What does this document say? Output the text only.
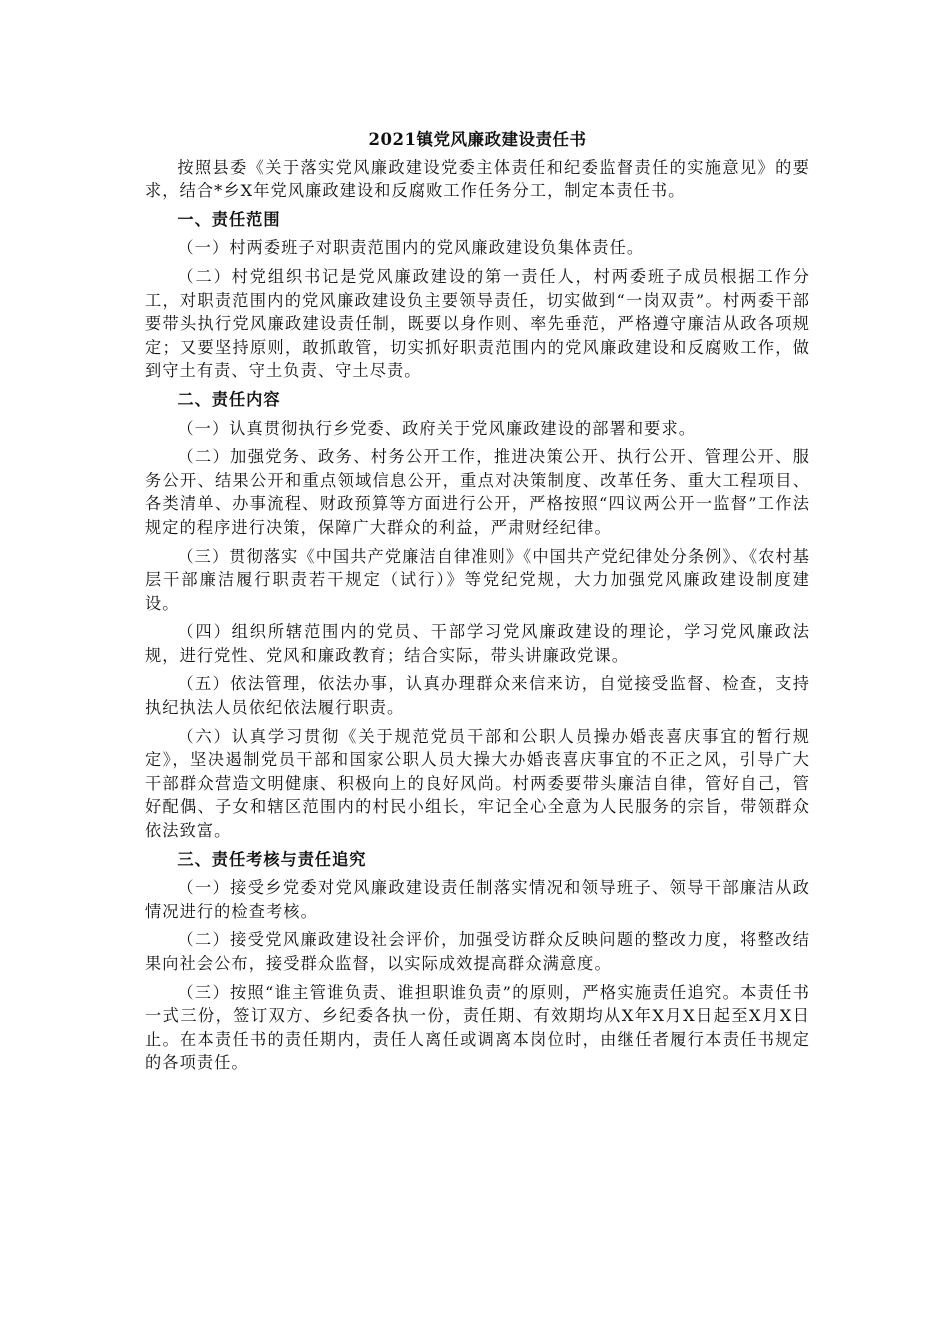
2021镇党风廉政建设责任书

按照县委《关于落实党风廉政建设党委主体责任和纪委监督责任的实施意见》的要求，结合*乡X年党风廉政建设和反腐败工作任务分工，制定本责任书。

一、责任范围

（一）村两委班子对职责范围内的党风廉政建设负集体责任。

（二）村党组织书记是党风廉政建设的第一责任人，村两委班子成员根据工作分工，对职责范围内的党风廉政建设负主要领导责任，切实做到“一岗双责”。村两委干部要带头执行党风廉政建设责任制，既要以身作则、率先垂范，严格遵守廉洁从政各项规定；又要坚持原则，敢抓敢管，切实抓好职责范围内的党风廉政建设和反腐败工作，做到守土有责、守土负责、守土尽责。

二、责任内容

（一）认真贯彻执行乡党委、政府关于党风廉政建设的部署和要求。

（二）加强党务、政务、村务公开工作，推进决策公开、执行公开、管理公开、服务公开、结果公开和重点领域信息公开，重点对决策制度、改革任务、重大工程项目、各类清单、办事流程、财政预算等方面进行公开，严格按照“四议两公开一监督”工作法规定的程序进行决策，保障广大群众的利益，严肃财经纪律。

（三）贯彻落实《中国共产党廉洁自律准则》《中国共产党纪律处分条例》、《农村基层干部廉洁履行职责若干规定（试行）》等党纪党规，大力加强党风廉政建设制度建设。

（四）组织所辖范围内的党员、干部学习党风廉政建设的理论，学习党风廉政法规，进行党性、党风和廉政教育；结合实际，带头讲廉政党课。

（五）依法管理，依法办事，认真办理群众来信来访，自觉接受监督、检查，支持执纪执法人员依纪依法履行职责。

（六）认真学习贯彻《关于规范党员干部和公职人员操办婚丧喜庆事宜的暂行规定》，坚决遏制党员干部和国家公职人员大操大办婚丧喜庆事宜的不正之风，引导广大干部群众营造文明健康、积极向上的良好风尚。村两委要带头廉洁自律，管好自己，管好配偶、子女和辖区范围内的村民小组长，牢记全心全意为人民服务的宗旨，带领群众依法致富。

三、责任考核与责任追究

（一）接受乡党委对党风廉政建设责任制落实情况和领导班子、领导干部廉洁从政情况进行的检查考核。

（二）接受党风廉政建设社会评价，加强受访群众反映问题的整改力度，将整改结果向社会公布，接受群众监督，以实际成效提高群众满意度。

（三）按照“谁主管谁负责、谁担职谁负责”的原则，严格实施责任追究。本责任书一式三份，签订双方、乡纪委各执一份，责任期、有效期均从X年X月X日起至X月X日止。在本责任书的责任期内，责任人离任或调离本岗位时，由继任者履行本责任书规定的各项责任。
